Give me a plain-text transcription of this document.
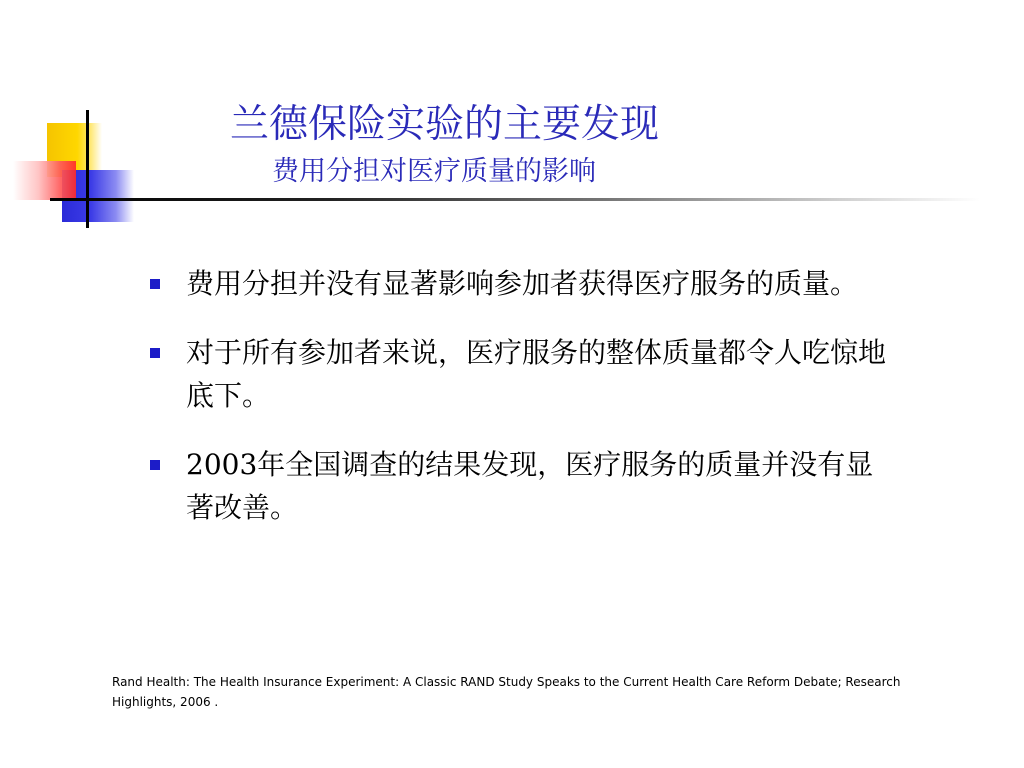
兰德保险实验的主要发现
费用分担对医疗质量的影响
费用分担并没有显著影响参加者获得医疗服务的质量。
对于所有参加者来说，医疗服务的整体质量都令人吃惊地底下。
2003年全国调查的结果发现，医疗服务的质量并没有显著改善。

Rand Health: The Health Insurance Experiment: A Classic RAND Study Speaks to the Current Health Care Reform Debate; Research Highlights, 2006 .
